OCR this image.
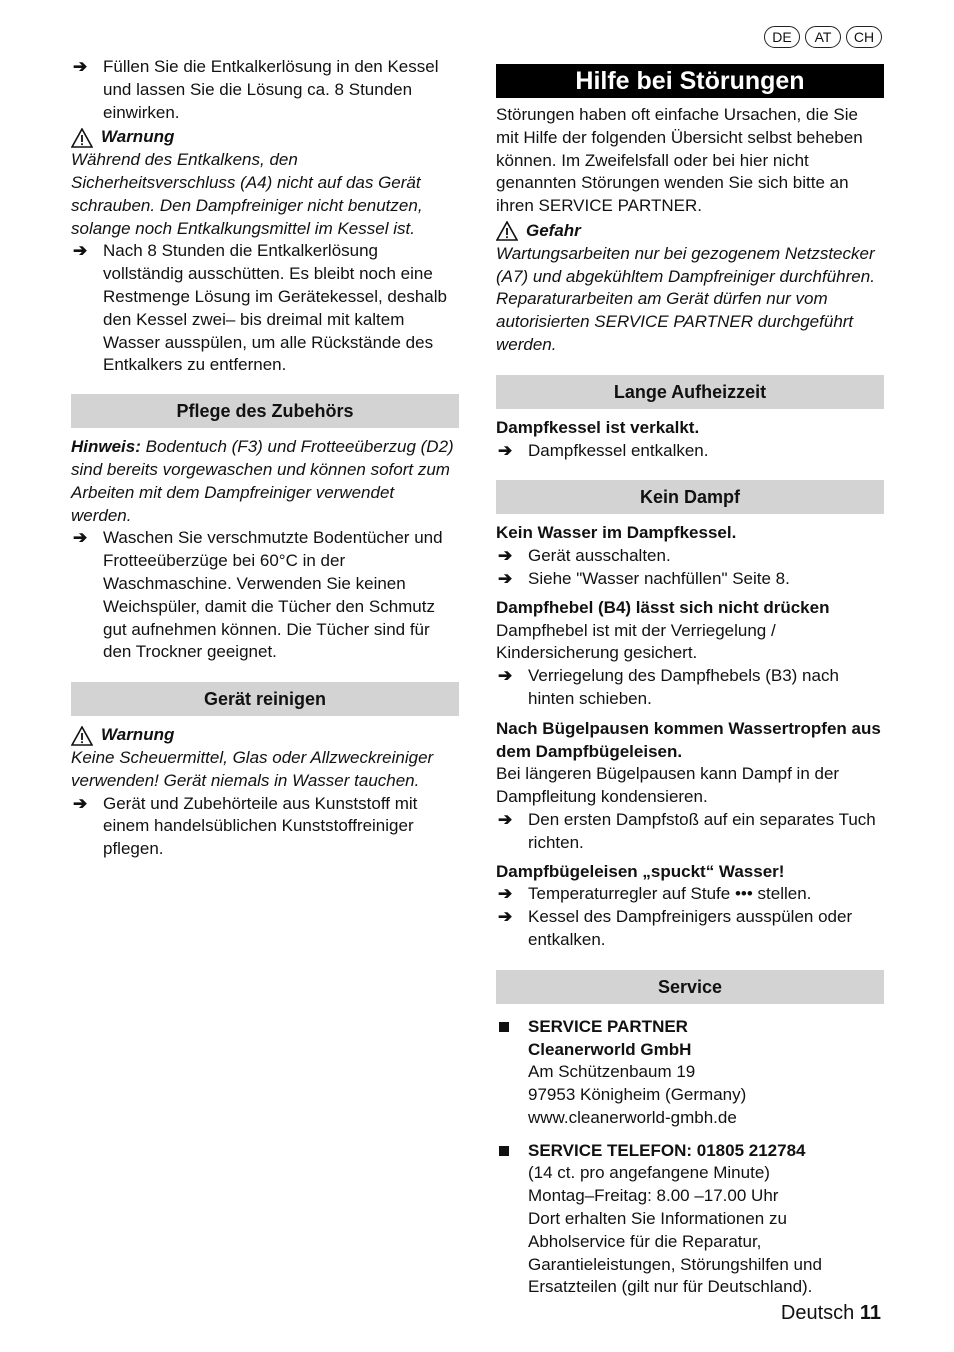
DE	AT	CH
➔ Füllen Sie die Entkalkerlösung in den Kessel und lassen Sie die Lösung ca. 8 Stunden einwirken.

Warnung

Während des Entkalkens, den Sicherheitsverschluss (A4) nicht auf das Gerät schrauben. Den Dampfreiniger nicht benutzen, solange noch Entkalkungsmittel im Kessel ist.

➔ Nach 8 Stunden die Entkalkerlösung vollständig ausschütten. Es bleibt noch eine Restmenge Lösung im Gerätekessel, deshalb den Kessel zwei– bis dreimal mit kaltem Wasser ausspülen, um alle Rückstände des Entkalkers zu entfernen.

Pflege des Zubehörs

Hinweis: Bodentuch (F3) und Frotteeüberzug (D2) sind bereits vorgewaschen und können sofort zum Arbeiten mit dem Dampfreiniger verwendet werden.

➔ Waschen Sie verschmutzte Bodentücher und Frotteeüberzüge bei 60°C in der Waschmaschine. Verwenden Sie keinen Weichspüler, damit die Tücher den Schmutz gut aufnehmen können. Die Tücher sind für den Trockner geeignet.

Gerät reinigen
Warnung

Keine Scheuermittel, Glas oder Allzweckreiniger verwenden! Gerät niemals in Wasser tauchen.

➔ Gerät und Zubehörteile aus Kunststoff mit einem handelsüblichen Kunststoffreiniger pflegen.

Hilfe bei Störungen

Störungen haben oft einfache Ursachen, die Sie mit Hilfe der folgenden Übersicht selbst beheben können. Im Zweifelsfall oder bei hier nicht genannten Störungen wenden Sie sich bitte an ihren SERVICE PARTNER.

Gefahr

Wartungsarbeiten nur bei gezogenem Netzstecker (A7) und abgekühltem Dampfreiniger durchführen. Reparaturarbeiten am Gerät dürfen nur vom autorisierten SERVICE PARTNER durchgeführt werden.

Lange Aufheizzeit

Dampfkessel ist verkalkt.

➔ Dampfkessel entkalken.

Kein Dampf

Kein Wasser im Dampfkessel.

➔ Gerät ausschalten.

➔ Siehe "Wasser nachfüllen" Seite 8.

Dampfhebel (B4) lässt sich nicht drücken

Dampfhebel ist mit der Verriegelung / Kindersicherung gesichert.

➔ Verriegelung des Dampfhebels (B3) nach hinten schieben.

Nach Bügelpausen kommen Wassertropfen aus dem Dampfbügeleisen.

Bei längeren Bügelpausen kann Dampf in der Dampfleitung kondensieren.

➔ Den ersten Dampfstoß auf ein separates Tuch richten.

Dampfbügeleisen „spuckt“ Wasser!

➔ Temperaturregler auf Stufe ••• stellen.

➔ Kessel des Dampfreinigers ausspülen oder entkalken.

Service

SERVICE PARTNER

Cleanerworld GmbH

Am Schützenbaum 19

97953 Königheim (Germany)

www.cleanerworld-gmbh.de

SERVICE TELEFON: 01805 212784

(14 ct. pro angefangene Minute)

Montag–Freitag: 8.00 –17.00 Uhr

Dort erhalten Sie Informationen zu Abholservice für die Reparatur, Garantieleistungen, Störungshilfen und Ersatzteilen (gilt nur für Deutschland).

Deutsch 11
